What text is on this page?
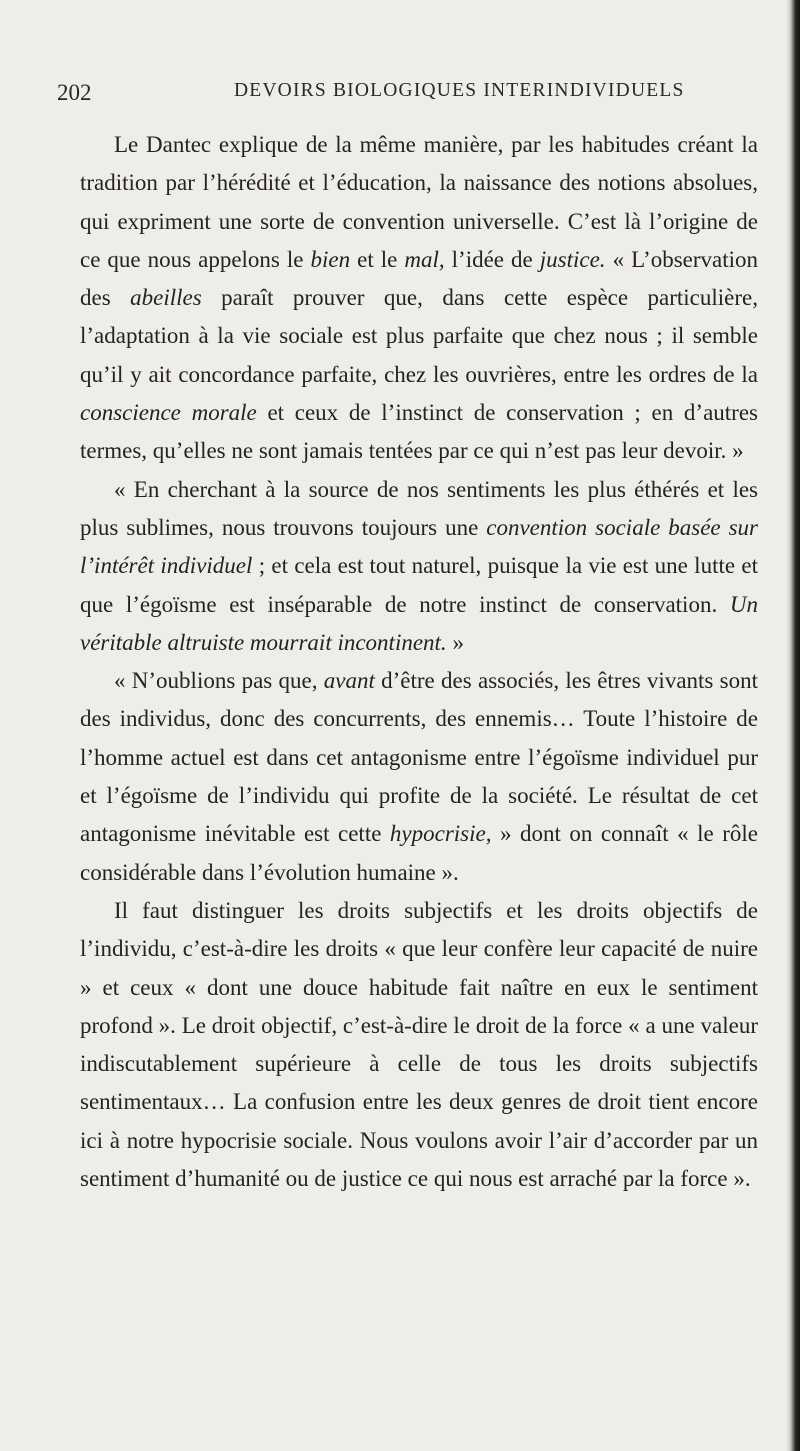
202	DEVOIRS BIOLOGIQUES INTERINDIVIDUELS

Le Dantec explique de la même manière, par les habitudes créant la tradition par l’hérédité et l’éducation, la naissance des notions absolues, qui expriment une sorte de convention universelle. C’est là l’origine de ce que nous appelons le bien et le mal, l’idée de justice. « L’observation des abeilles paraît prouver que, dans cette espèce particulière, l’adaptation à la vie sociale est plus parfaite que chez nous ; il semble qu’il y ait concordance parfaite, chez les ouvrières, entre les ordres de la conscience morale et ceux de l’instinct de conservation ; en d’autres termes, qu’elles ne sont jamais tentées par ce qui n’est pas leur devoir. »

« En cherchant à la source de nos sentiments les plus éthérés et les plus sublimes, nous trouvons toujours une convention sociale basée sur l’intérêt individuel ; et cela est tout naturel, puisque la vie est une lutte et que l’égoïsme est inséparable de notre instinct de conservation. Un véritable altruiste mourrait incontinent. »

« N’oublions pas que, avant d’être des associés, les êtres vivants sont des individus, donc des concurrents, des ennemis… Toute l’histoire de l’homme actuel est dans cet antagonisme entre l’égoïsme individuel pur et l’égoïsme de l’individu qui profite de la société. Le résultat de cet antagonisme inévitable est cette hypocrisie, » dont on connaît « le rôle considérable dans l’évolution humaine ».

Il faut distinguer les droits subjectifs et les droits objectifs de l’individu, c’est-à-dire les droits « que leur confère leur capacité de nuire » et ceux « dont une douce habitude fait naître en eux le sentiment profond ». Le droit objectif, c’est-à-dire le droit de la force « a une valeur indiscutablement supérieure à celle de tous les droits subjectifs sentimentaux… La confusion entre les deux genres de droit tient encore ici à notre hypocrisie sociale. Nous voulons avoir l’air d’accorder par un sentiment d’humanité ou de justice ce qui nous est arraché par la force ».
